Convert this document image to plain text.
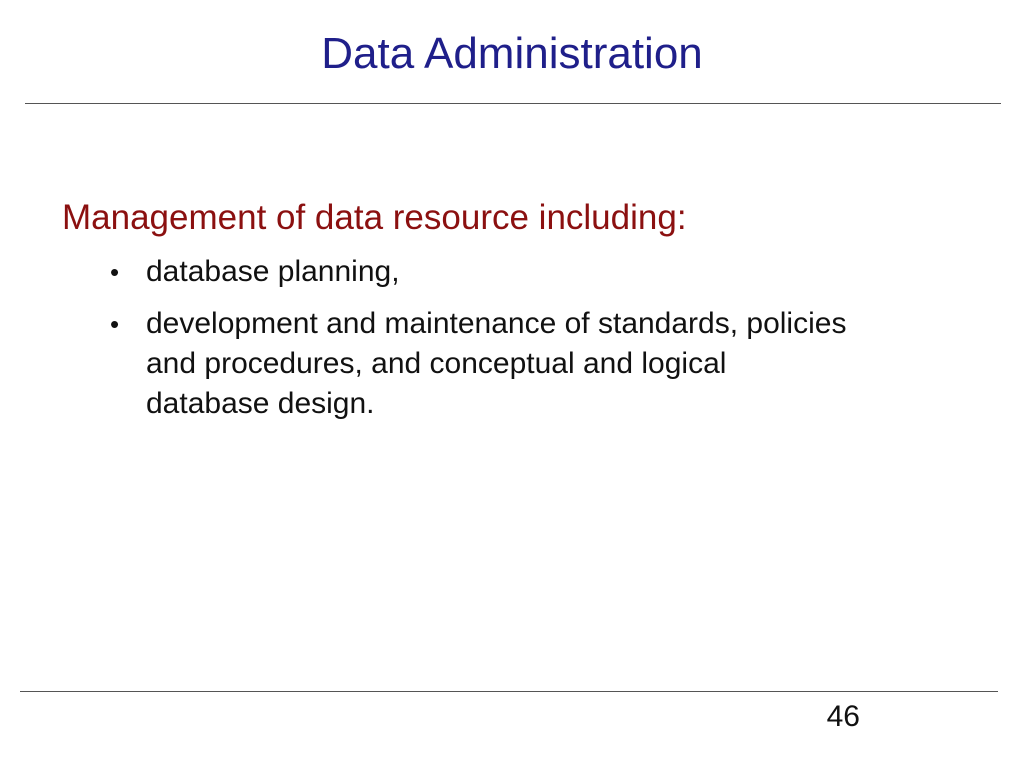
Data Administration

Management of data resource including:

• database planning,
• development and maintenance of standards, policies and procedures, and conceptual and logical database design.
46
